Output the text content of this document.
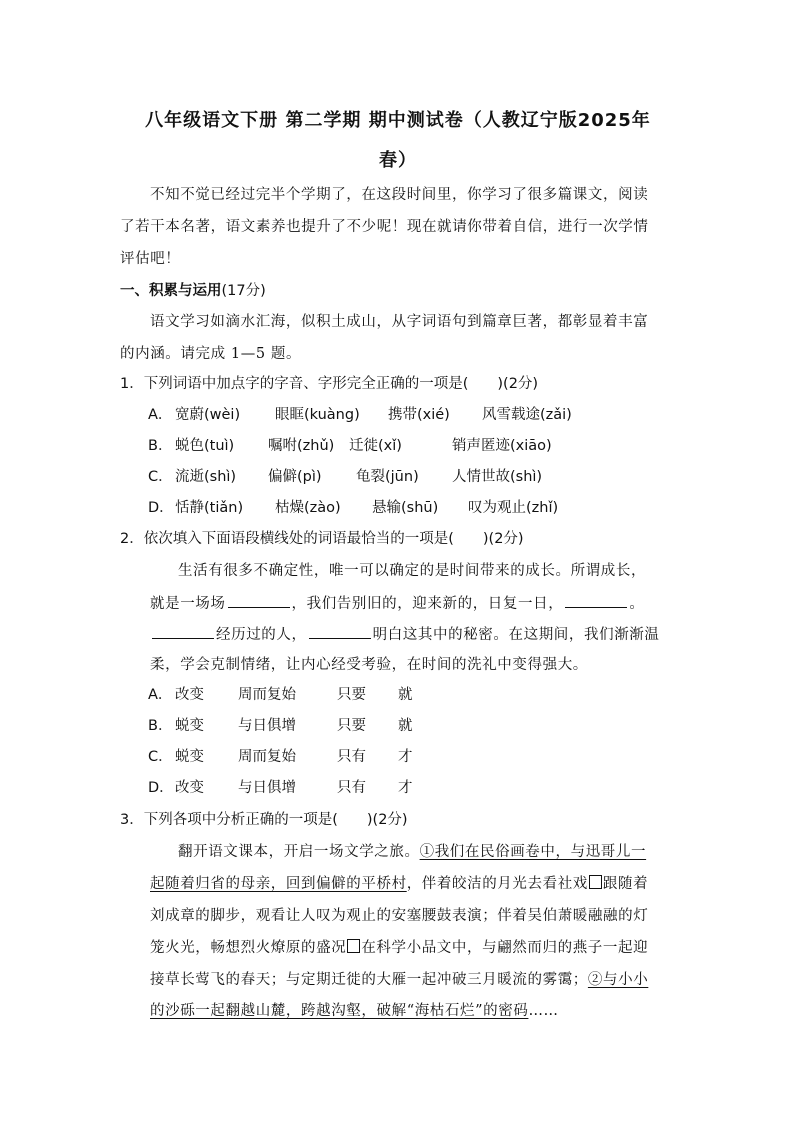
八年级语文下册 第二学期 期中测试卷（人教辽宁版2025年
春）
不知不觉已经过完半个学期了，在这段时间里，你学习了很多篇课文，阅读
了若干本名著，语文素养也提升了不少呢！现在就请你带着自信，进行一次学情
评估吧！
一、积累与运用(17分)
语文学习如滴水汇海，似积土成山，从字词语句到篇章巨著，都彰显着丰富
的内涵。请完成 1—5 题。
1．下列词语中加点字的字音、字形完全正确的一项是(　　)(2分)
A． 宽蔚(wèi) 眼眶(kuàng) 携带(xié) 风雪载途(zǎi)
B． 蜕色(tuì) 嘱咐(zhǔ) 迁徙(xǐ)	销声匿迹(xiāo)
C． 流逝(shì) 偏僻(pì) 龟裂(jūn) 人情世故(shì)
D． 恬静(tiǎn) 枯燥(zào) 悬输(shū) 叹为观止(zhǐ)
2．依次填入下面语段横线处的词语最恰当的一项是(　　)(2分)
生活有很多不确定性，唯一可以确定的是时间带来的成长。所谓成长，
就是一场场	，我们告别旧的，迎来新的，日复一日，	。
经历过的人，	明白这其中的秘密。在这期间，我们渐渐温
柔，学会克制情绪，让内心经受考验，在时间的洗礼中变得强大。
A． 改变 周而复始	只要 就
B． 蜕变 与日俱增	只要 就
C． 蜕变 周而复始	只有 才
D． 改变 与日俱增	只有 才
3．下列各项中分析正确的一项是(　　)(2分)
翻开语文课本，开启一场文学之旅。①我们在民俗画卷中，与迅哥儿一
起随着归省的母亲，回到偏僻的平桥村，伴着皎洁的月光去看社戏 跟随着
刘成章的脚步，观看让人叹为观止的安塞腰鼓表演；伴着吴伯萧暖融融的灯
笼火光，畅想烈火燎原的盛况 在科学小品文中，与翩然而归的燕子一起迎
接草长莺飞的春天；与定期迁徙的大雁一起冲破三月暖流的雾霭；②与小小
的沙砾一起翻越山麓，跨越沟壑，破解“海枯石烂”的密码……
